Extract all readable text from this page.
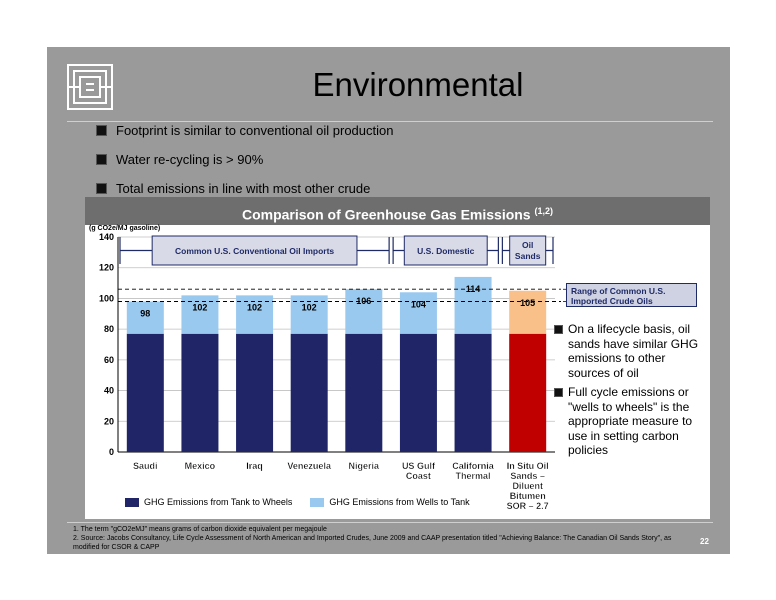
Environmental
Footprint is similar to conventional oil production
Water re-cycling is > 90%
Total emissions in line with most other crude
Comparison of Greenhouse Gas Emissions $^{(1,2)}$
0
20
40
60
80
100
120
140
98
Saudi
102
Mexico
102
Iraq
102
Venezuela
106
Nigeria
104
US Gulf
Coast
114
California
Thermal
105
In Situ Oil
Sands –
Diluent
Bitumen
SOR – 2.7
Common U.S. Conventional Oil Imports	U.S. Domestic
Oil
Sands
(g CO2e/MJ gasoline)
Range of Common U.S. Imported Crude Oils
On a lifecycle basis, oil sands have similar GHG emissions to other sources of oil
Full cycle emissions or "wells to wheels" is the appropriate measure to use in setting carbon policies
GHG Emissions from Tank to Wheels	GHG Emissions from Wells to Tank
1. The term "gCO2eMJ" means grams of carbon dioxide equivalent per megajoule
2. Source: Jacobs Consultancy, Life Cycle Assessment of North American and Imported Crudes, June 2009 and CAAP presentation titled "Achieving Balance: The Canadian Oil Sands Story", as modified for CSOR & CAPP
22
